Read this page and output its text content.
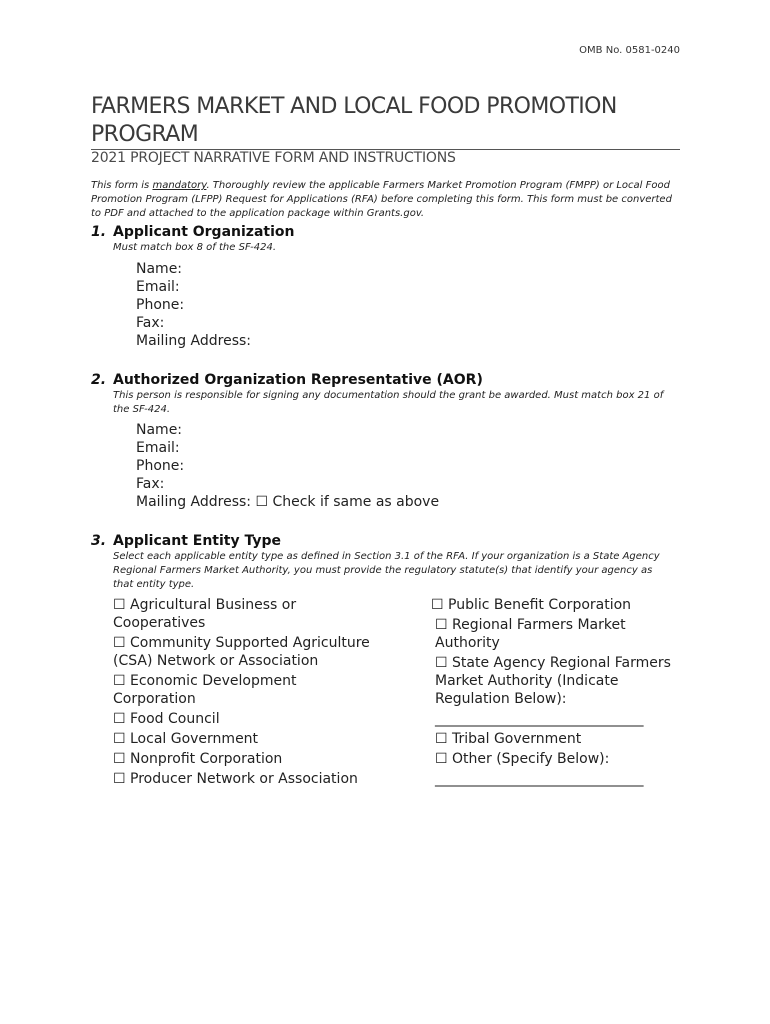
OMB No. 0581-0240
FARMERS MARKET AND LOCAL FOOD PROMOTION PROGRAM
2021 PROJECT NARRATIVE FORM AND INSTRUCTIONS

This form is mandatory. Thoroughly review the applicable Farmers Market Promotion Program (FMPP) or Local Food Promotion Program (LFPP) Request for Applications (RFA) before completing this form. This form must be converted to PDF and attached to the application package within Grants.gov.

1. Applicant Organization
Must match box 8 of the SF-424.
Name:
Email:
Phone:
Fax:
Mailing Address:
2. Authorized Organization Representative (AOR)
This person is responsible for signing any documentation should the grant be awarded. Must match box 21 of the SF-424.
Name:
Email:
Phone:
Fax:
Mailing Address: ☐ Check if same as above
3. Applicant Entity Type
Select each applicable entity type as defined in Section 3.1 of the RFA. If your organization is a State Agency Regional Farmers Market Authority, you must provide the regulatory statute(s) that identify your agency as that entity type.
☐ Agricultural Business or Cooperatives
☐ Community Supported Agriculture (CSA) Network or Association
☐ Economic Development Corporation
☐ Food Council
☐ Local Government
☐ Nonprofit Corporation
☐ Producer Network or Association
☐ Public Benefit Corporation
☐ Regional Farmers Market Authority
☐ State Agency Regional Farmers Market Authority (Indicate Regulation Below):
________________________________
☐ Tribal Government
☐ Other (Specify Below):
________________________________
